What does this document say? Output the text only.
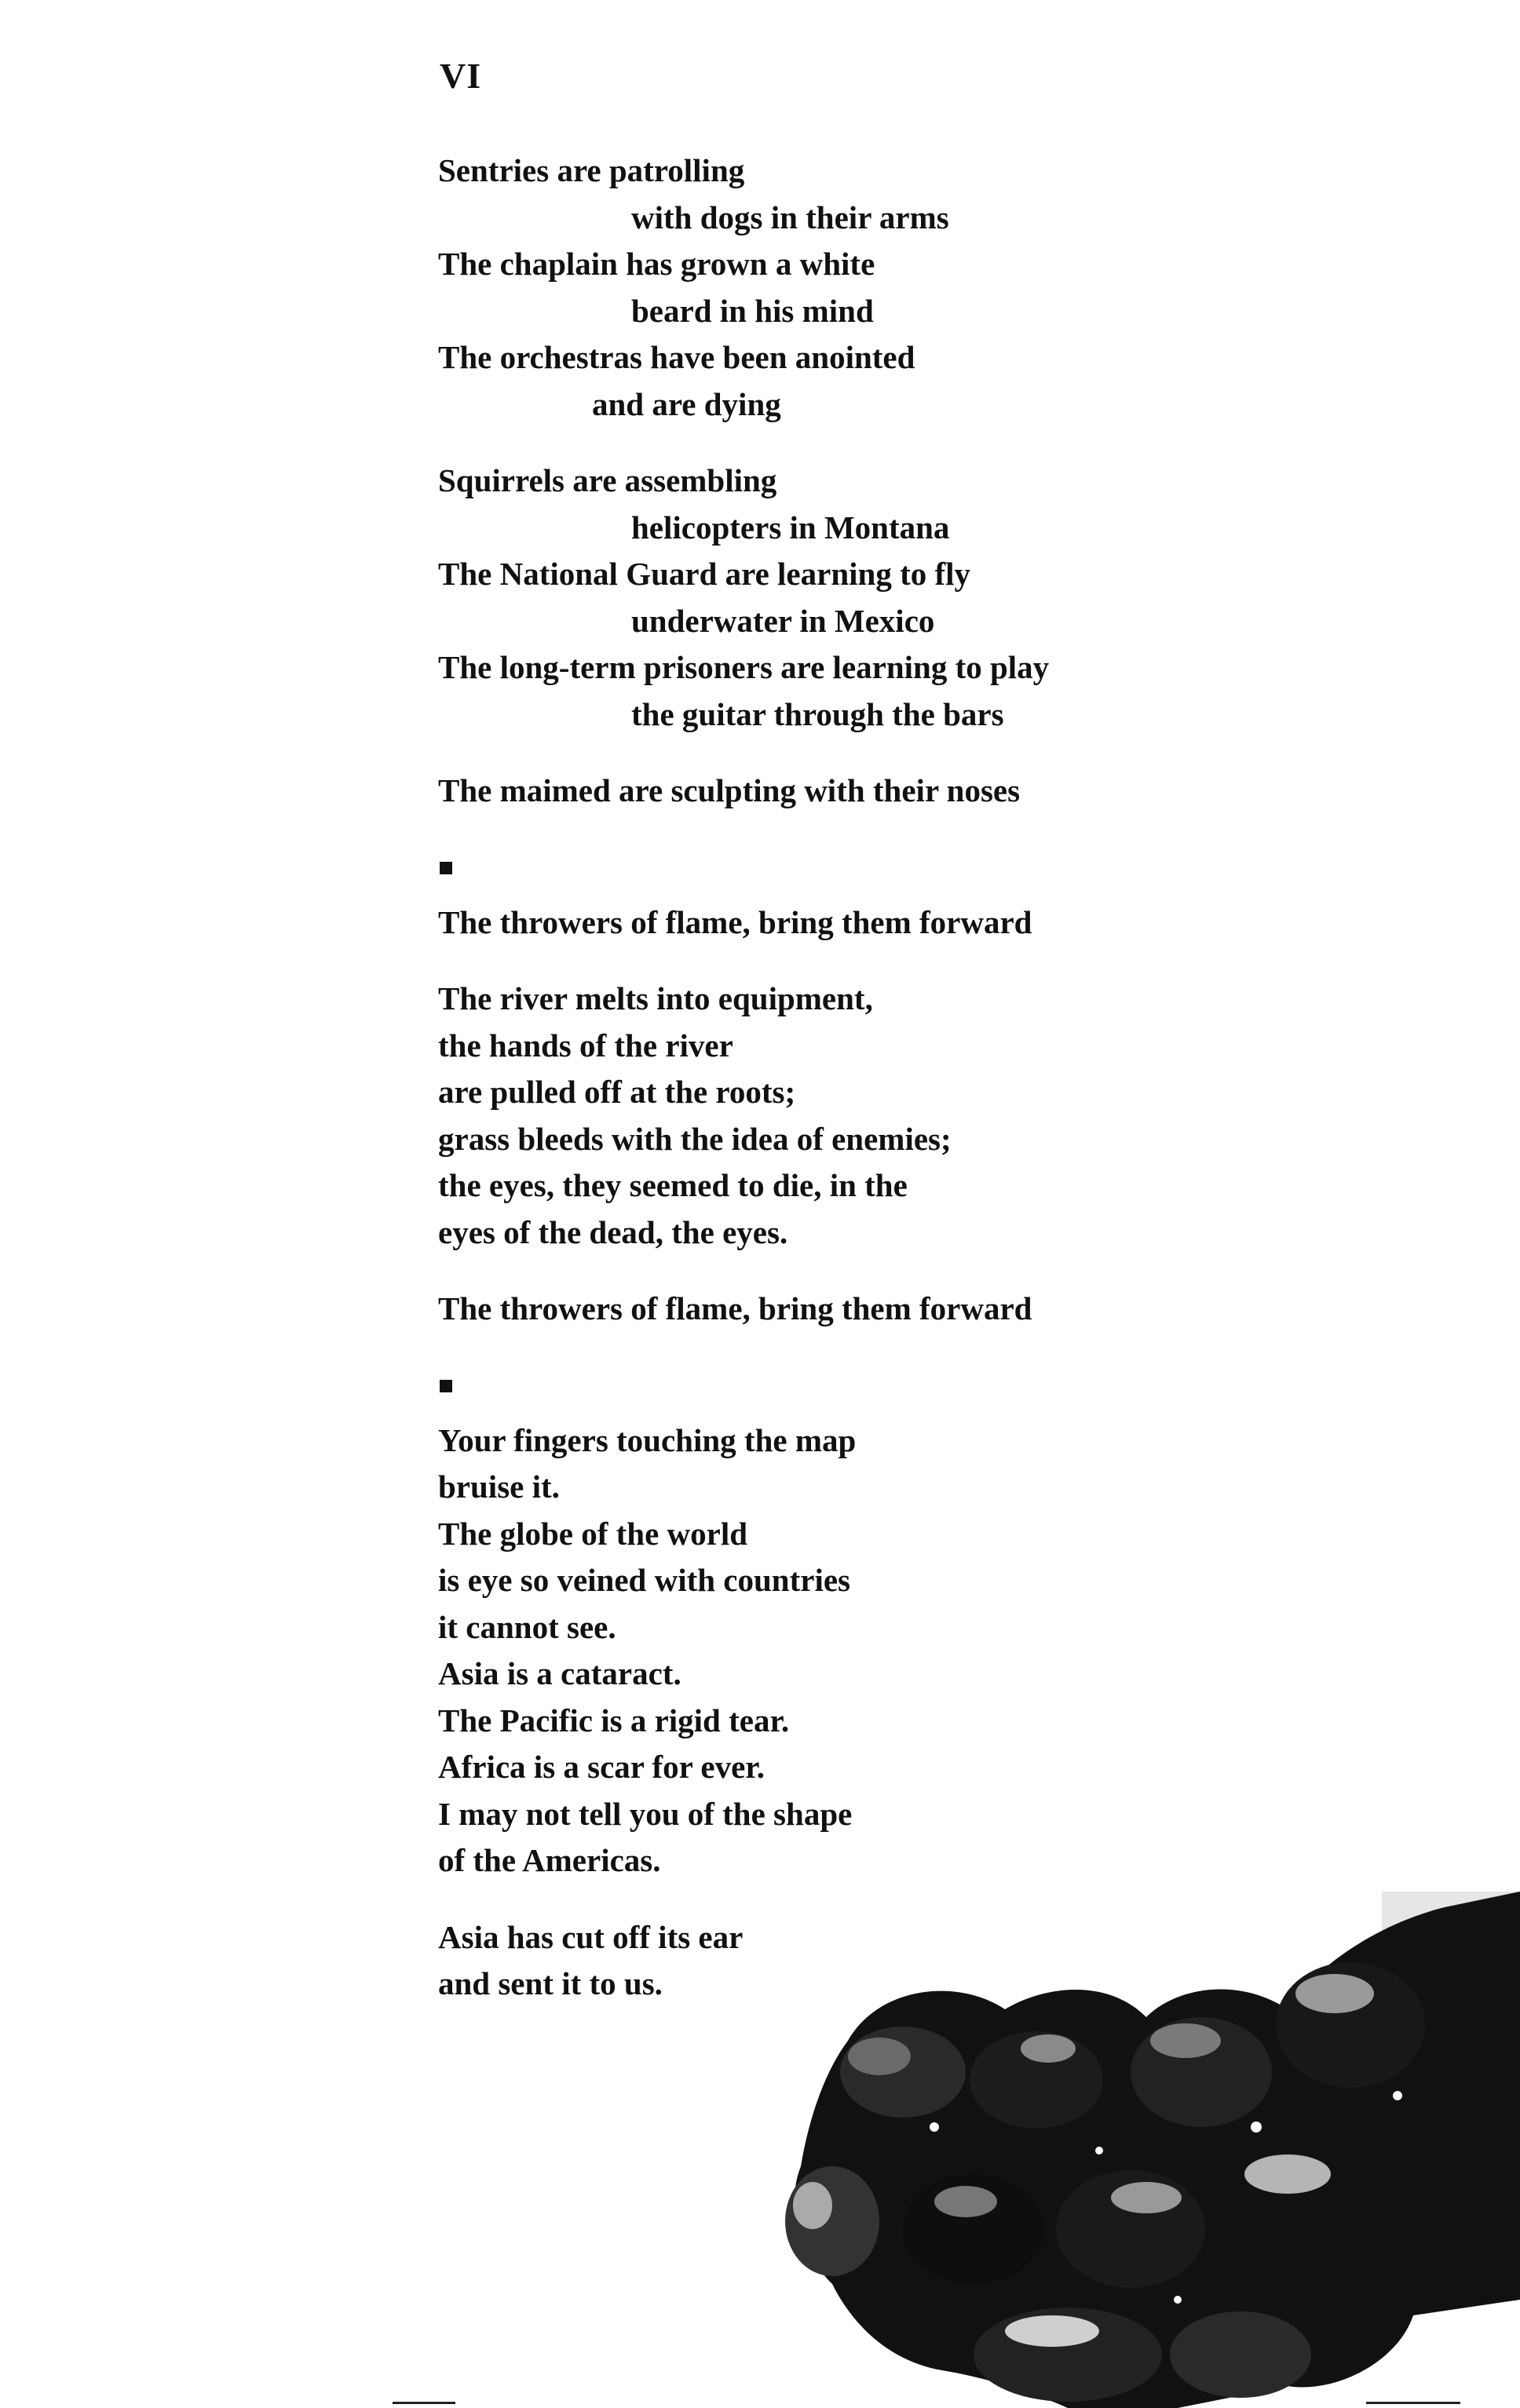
VI
Sentries are patrolling
with dogs in their arms
The chaplain has grown a white
beard in his mind
The orchestras have been anointed
and are dying
Squirrels are assembling
helicopters in Montana
The National Guard are learning to fly
underwater in Mexico
The long-term prisoners are learning to play
the guitar through the bars
The maimed are sculpting with their noses
The throwers of flame, bring them forward
The river melts into equipment,
the hands of the river
are pulled off at the roots;
grass bleeds with the idea of enemies;
the eyes, they seemed to die, in the
eyes of the dead, the eyes.
The throwers of flame, bring them forward
Your fingers touching the map
bruise it.
The globe of the world
is eye so veined with countries
it cannot see.
Asia is a cataract.
The Pacific is a rigid tear.
Africa is a scar for ever.
I may not tell you of the shape
of the Americas.
Asia has cut off its ear
and sent it to us.
